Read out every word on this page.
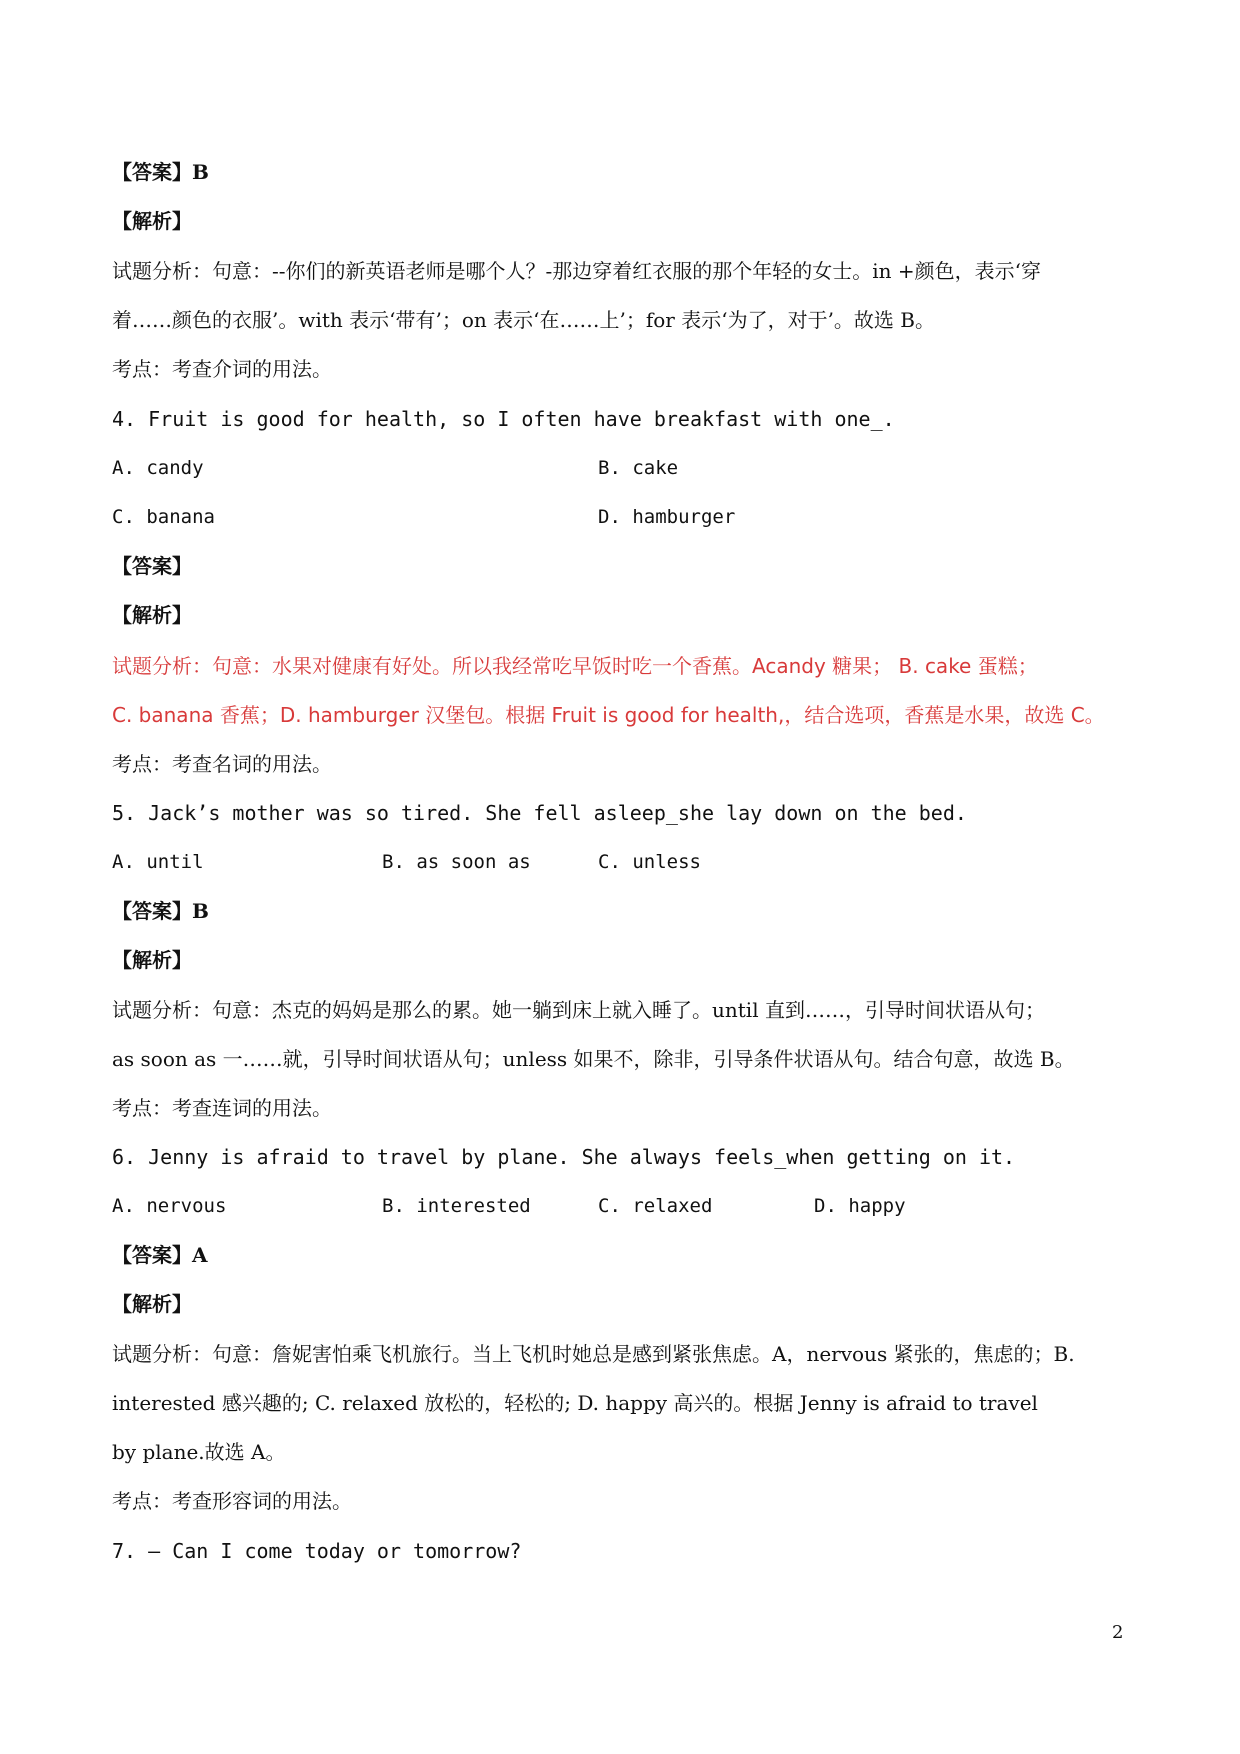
【答案】B
【解析】
试题分析：句意：--你们的新英语老师是哪个人？-那边穿着红衣服的那个年轻的女士。in +颜色，表示‘穿
着……颜色的衣服’。with 表示‘带有’；on 表示‘在……上’；for 表示‘为了，对于’。故选 B。
考点：考查介词的用法。
4. Fruit is good for health, so I often have breakfast with one_.
A. candy	B. cake
C. banana	D. hamburger
【答案】
【解析】
试题分析：句意：水果对健康有好处。所以我经常吃早饭时吃一个香蕉。Acandy 糖果； B. cake 蛋糕；
C. banana 香蕉；D. hamburger 汉堡包。根据 Fruit is good for health,，结合选项，香蕉是水果，故选 C。
考点：考查名词的用法。
5. Jack’s mother was so tired. She fell asleep_she lay down on the bed.
A. until	B. as soon as	C. unless
【答案】B
【解析】
试题分析：句意：杰克的妈妈是那么的累。她一躺到床上就入睡了。until 直到……，引导时间状语从句；
as soon as 一……就，引导时间状语从句；unless 如果不，除非，引导条件状语从句。结合句意，故选 B。
考点：考查连词的用法。
6. Jenny is afraid to travel by plane. She always feels_when getting on it.
A. nervous	B. interested	C. relaxed	D. happy
【答案】A
【解析】
试题分析：句意：詹妮害怕乘飞机旅行。当上飞机时她总是感到紧张焦虑。A，nervous 紧张的，焦虑的；B.
interested 感兴趣的; C. relaxed 放松的，轻松的; D. happy 高兴的。根据 Jenny is afraid to travel
by plane.故选 A。
考点：考查形容词的用法。
7. — Can I come today or tomorrow?
2
